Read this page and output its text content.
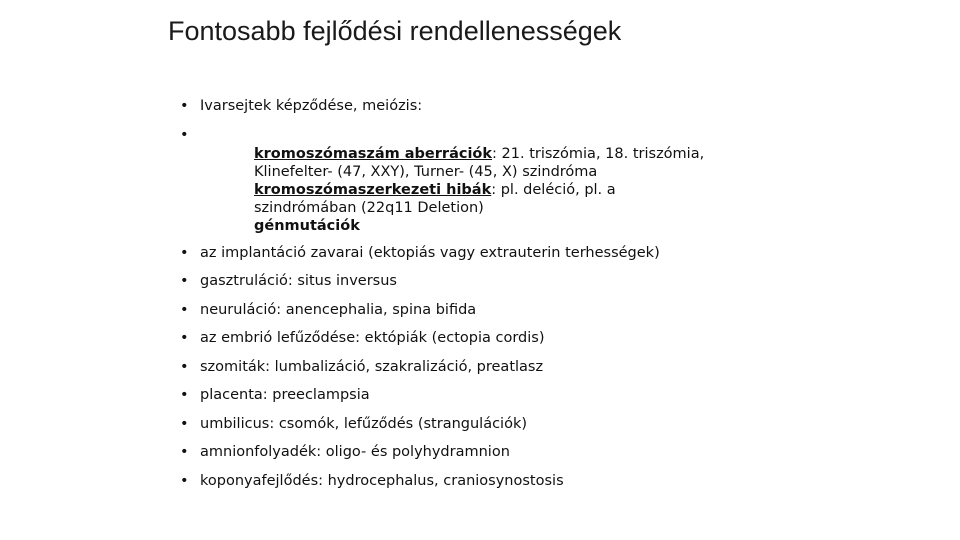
Fontosabb fejlődési rendellenességek
• Ivarsejtek képződése, meiózis:
•
kromoszómaszám aberrációk: 21. triszómia, 18. triszómia, Klinefelter- (47, XXY), Turner- (45, X) szindróma
kromoszómaszerkezeti hibák: pl. deléció, pl. a szindrómában (22q11 Deletion)
génmutációk
• az implantáció zavarai (ektopiás vagy extrauterin terhességek)
• gasztruláció: situs inversus
• neuruláció: anencephalia, spina bifida
• az embrió lefűződése: ektópiák (ectopia cordis)
• szomiták: lumbalizáció, szakralizáció, preatlasz
• placenta: preeclampsia
• umbilicus: csomók, lefűződés (strangulációk)
• amnionfolyadék: oligo- és polyhydramnion
• koponyafejlődés: hydrocephalus, craniosynostosis
